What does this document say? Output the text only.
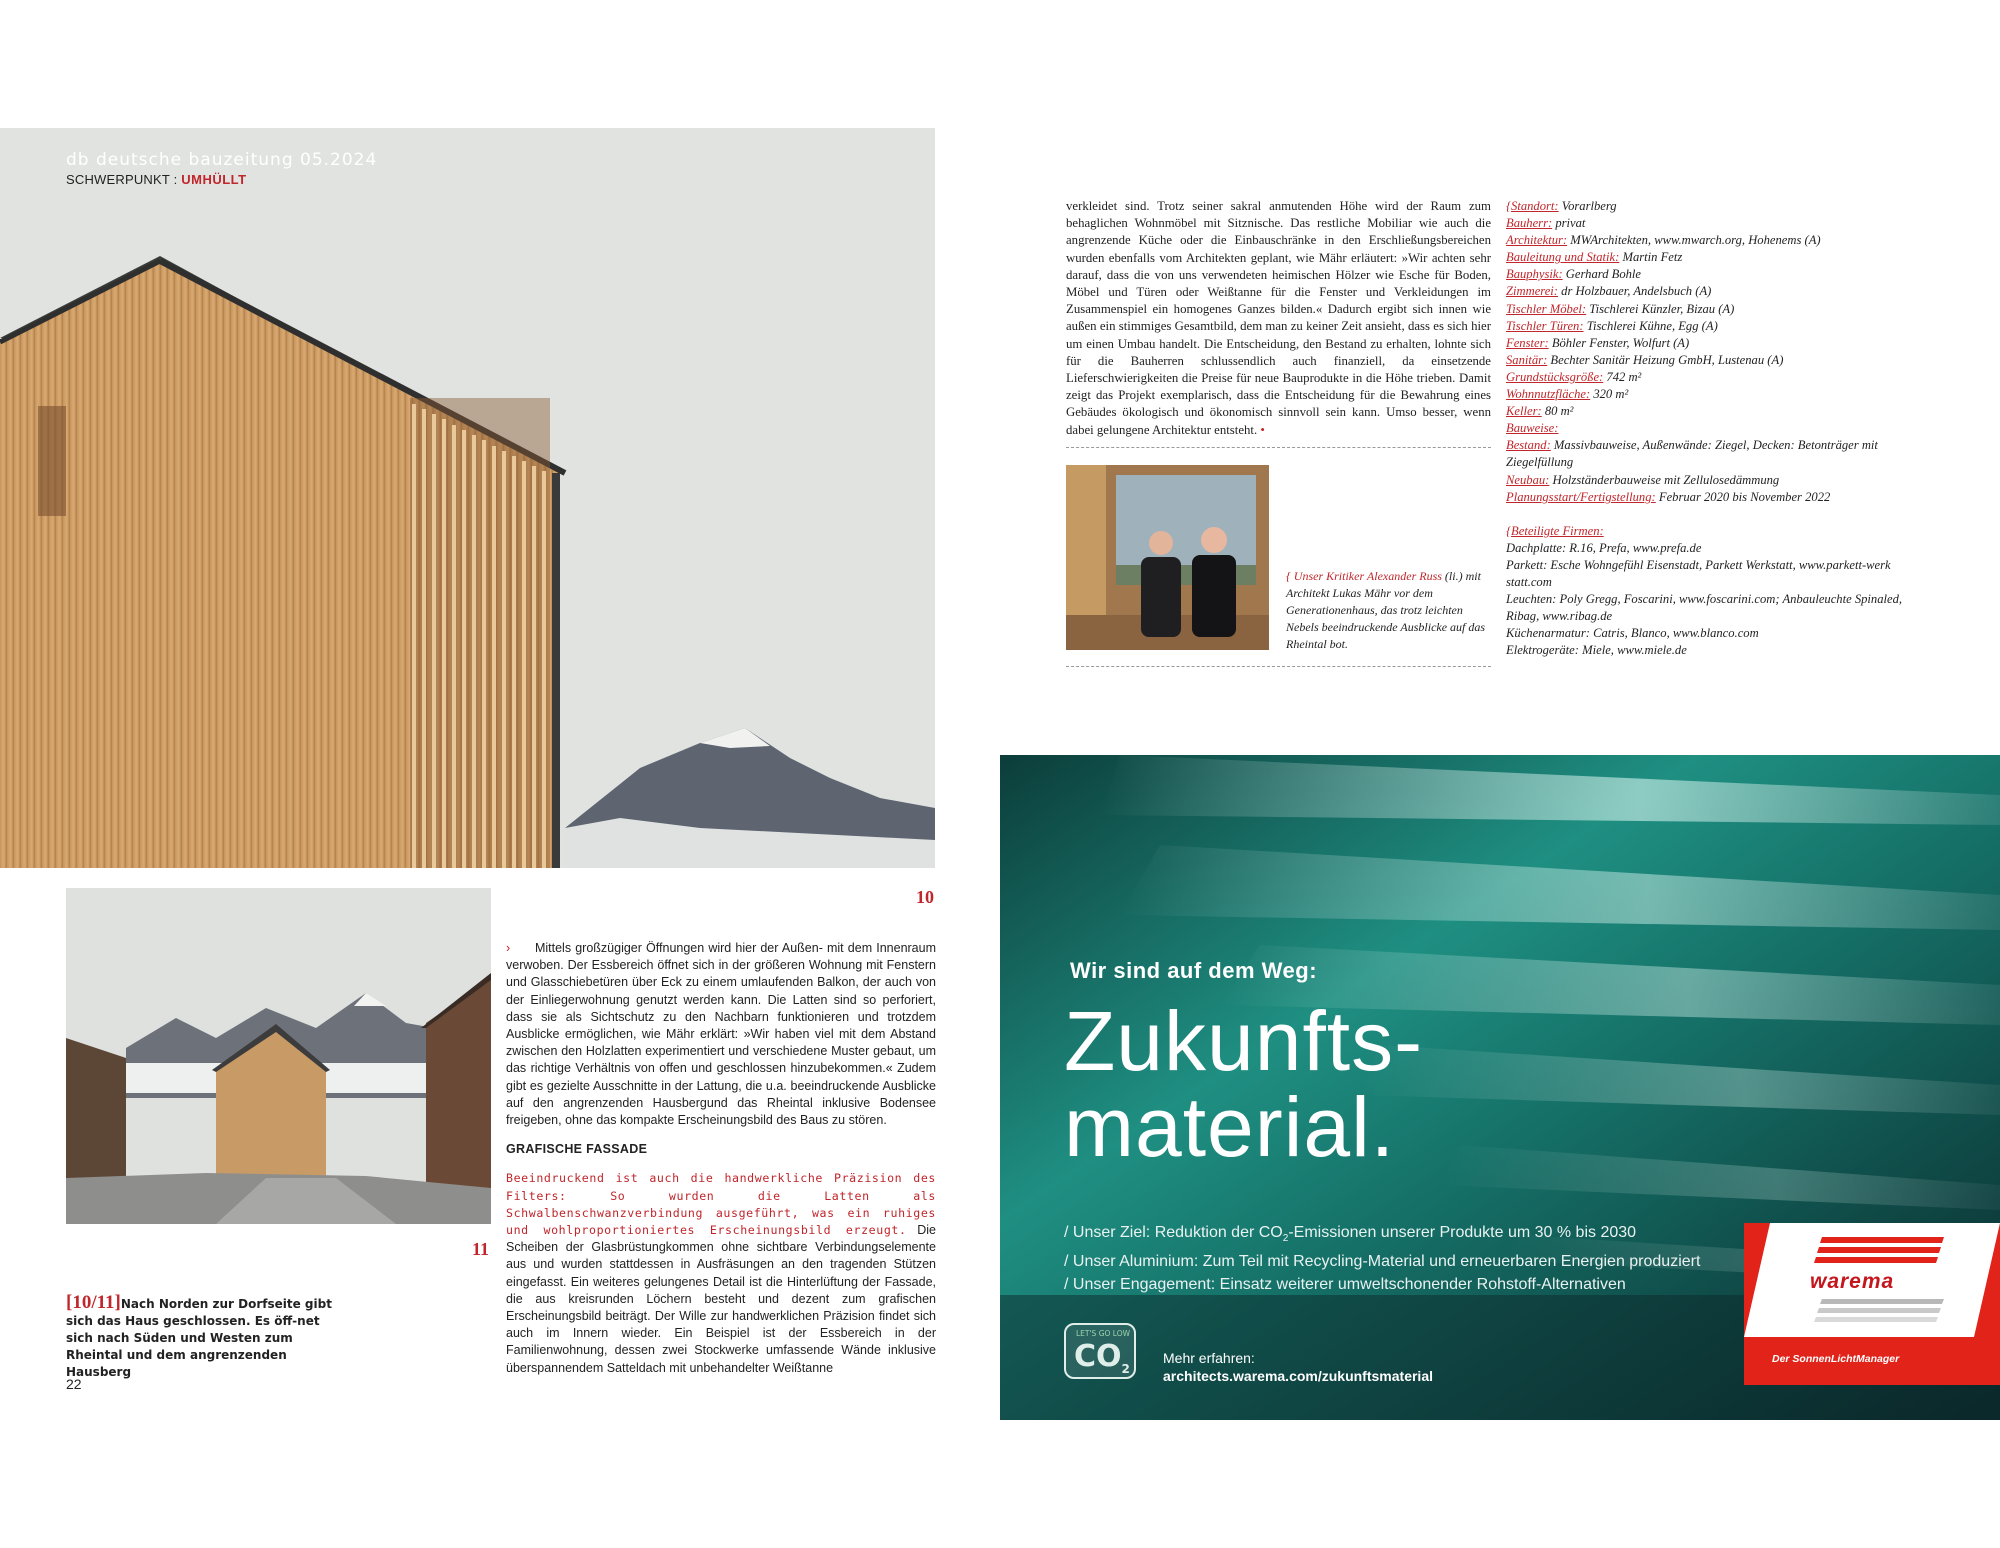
db deutsche bauzeitung 05.2024
SCHWERPUNKT : UMHÜLLT
10
11
[10/11]Nach Norden zur Dorfseite gibt sich das Haus geschlossen. Es öff-net sich nach Süden und Westen zum Rheintal und dem angrenzenden Hausberg
22

› Mittels großzügiger Öffnungen wird hier der Außen- mit dem Innenraum verwoben. Der Essbereich öffnet sich in der größeren Wohnung mit Fenstern und Glasschiebetüren über Eck zu einem umlaufenden Balkon, der auch von der Einliegerwohnung genutzt werden kann. Die Latten sind so perforiert, dass sie als Sichtschutz zu den Nachbarn funktionieren und trotzdem Ausblicke ermöglichen, wie Mähr erklärt: »Wir haben viel mit dem Abstand zwischen den Holzlatten experimentiert und verschiedene Muster gebaut, um das richtige Verhältnis von offen und geschlossen hinzubekommen.« Zudem gibt es gezielte Ausschnitte in der Lattung, die u.a. beeindruckende Ausblicke auf den angrenzenden Hausbergund das Rheintal inklusive Bodensee freigeben, ohne das kompakte Erscheinungsbild des Baus zu stören.

GRAFISCHE FASSADE

Beeindruckend ist auch die handwerkliche Präzision des Filters: So wurden die Latten als Schwalbenschwanzverbindung ausgeführt, was ein ruhiges und wohlproportioniertes Erscheinungsbild erzeugt. Die Scheiben der Glasbrüstungkommen ohne sichtbare Verbindungselemente aus und wurden stattdessen in Ausfräsungen an den tragenden Stützen eingefasst. Ein weiteres gelungenes Detail ist die Hinterlüftung der Fassade, die aus kreisrunden Löchern besteht und dezent zum grafischen Erscheinungsbild beiträgt. Der Wille zur handwerklichen Präzision findet sich auch im Innern wieder. Ein Beispiel ist der Essbereich in der Familienwohnung, dessen zwei Stockwerke umfassende Wände inklusive überspannendem Satteldach mit unbehandelter Weißtanne

verkleidet sind. Trotz seiner sakral anmutenden Höhe wird der Raum zum behaglichen Wohnmöbel mit Sitznische. Das restliche Mobiliar wie auch die angrenzende Küche oder die Einbauschränke in den Erschließungsbereichen wurden ebenfalls vom Architekten geplant, wie Mähr erläutert: »Wir achten sehr darauf, dass die von uns verwendeten heimischen Hölzer wie Esche für Boden, Möbel und Türen oder Weißtanne für die Fenster und Verkleidungen im Zusammenspiel ein homogenes Ganzes bilden.« Dadurch ergibt sich innen wie außen ein stimmiges Gesamtbild, dem man zu keiner Zeit ansieht, dass es sich hier um einen Umbau handelt. Die Entscheidung, den Bestand zu erhalten, lohnte sich für die Bauherren schlussendlich auch finanziell, da einsetzende Lieferschwierigkeiten die Preise für neue Bauprodukte in die Höhe trieben. Damit zeigt das Projekt exemplarisch, dass die Entscheidung für die Bewahrung eines Gebäudes ökologisch und ökonomisch sinnvoll sein kann. Umso besser, wenn dabei gelungene Architektur entsteht. •

{ Unser Kritiker Alexander Russ (li.) mit Architekt Lukas Mähr vor dem Generationenhaus, das trotz leichten Nebels beeindruckende Ausblicke auf das Rheintal bot.
{Standort: Vorarlberg
Bauherr: privat
Architektur: MWArchitekten, www.mwarch.org, Hohenems (A)
Bauleitung und Statik: Martin Fetz
Bauphysik: Gerhard Bohle
Zimmerei: dr Holzbauer, Andelsbuch (A)
Tischler Möbel: Tischlerei Künzler, Bizau (A)
Tischler Türen: Tischlerei Kühne, Egg (A)
Fenster: Böhler Fenster, Wolfurt (A)
Sanitär: Bechter Sanitär Heizung GmbH, Lustenau (A)
Grundstücksgröße: 742 m²
Wohnnutzfläche: 320 m²
Keller: 80 m²
Bauweise:
Bestand: Massivbauweise, Außenwände: Ziegel, Decken: Betonträger mit
Ziegelfüllung
Neubau: Holzständerbauweise mit Zellulosedämmung
Planungsstart/Fertigstellung: Februar 2020 bis November 2022
{Beteiligte Firmen:
Dachplatte: R.16, Prefa, www.prefa.de
Parkett: Esche Wohngefühl Eisenstadt, Parkett Werkstatt, www.parkett-werk
statt.com
Leuchten: Poly Gregg, Foscarini, www.foscarini.com; Anbauleuchte Spinaled,
Ribag, www.ribag.de
Küchenarmatur: Catris, Blanco, www.blanco.com
Elektrogeräte: Miele, www.miele.de
Wir sind auf dem Weg:
Zukunfts-
material.
/ Unser Ziel: Reduktion der $CO_2$-Emissionen unserer Produkte um 30 % bis 2030
/ Unser Aluminium: Zum Teil mit Recycling-Material und erneuerbaren Energien produziert
/ Unser Engagement: Einsatz weiterer umweltschonender Rohstoff-Alternativen
LET'S GO LOW
$CO_2$
Mehr erfahren:
architects.warema.com/zukunftsmaterial
warema
Der SonnenLichtManager
